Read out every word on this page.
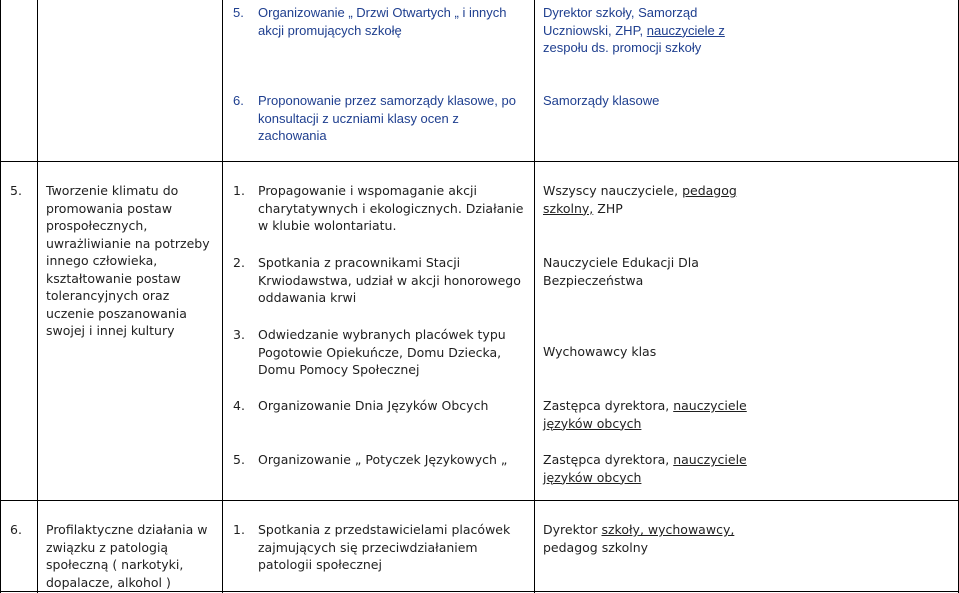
5. Organizowanie „ Drzwi Otwartych „ i innych akcji promujących szkołę
Dyrektor szkoły, Samorząd Uczniowski, ZHP, nauczyciele z zespołu ds. promocji szkoły
6. Proponowanie przez samorządy klasowe, po konsultacji z uczniami klasy ocen z zachowania
Samorządy klasowe
5. Tworzenie klimatu do promowania postaw prospołecznych, uwrażliwianie na potrzeby innego człowieka, kształtowanie postaw tolerancyjnych oraz uczenie poszanowania swojej i innej kultury
1. Propagowanie i wspomaganie akcji charytatywnych i ekologicznych. Działanie w klubie wolontariatu.
2. Spotkania z pracownikami Stacji Krwiodawstwa, udział w akcji honorowego oddawania krwi
3. Odwiedzanie wybranych placówek typu Pogotowie Opiekuńcze, Domu Dziecka, Domu Pomocy Społecznej
4. Organizowanie Dnia Języków Obcych
5. Organizowanie „ Potyczek Językowych „
Wszyscy nauczyciele, pedagog szkolny, ZHP
Nauczyciele Edukacji Dla Bezpieczeństwa
Wychowawcy klas
Zastępca dyrektora, nauczyciele języków obcych
Zastępca dyrektora, nauczyciele języków obcych
6. Profilaktyczne działania w związku z patologią społeczną ( narkotyki, dopalacze, alkohol )
1. Spotkania z przedstawicielami placówek zajmujących się przeciwdziałaniem patologii społecznej
Dyrektor szkoły, wychowawcy, pedagog szkolny
